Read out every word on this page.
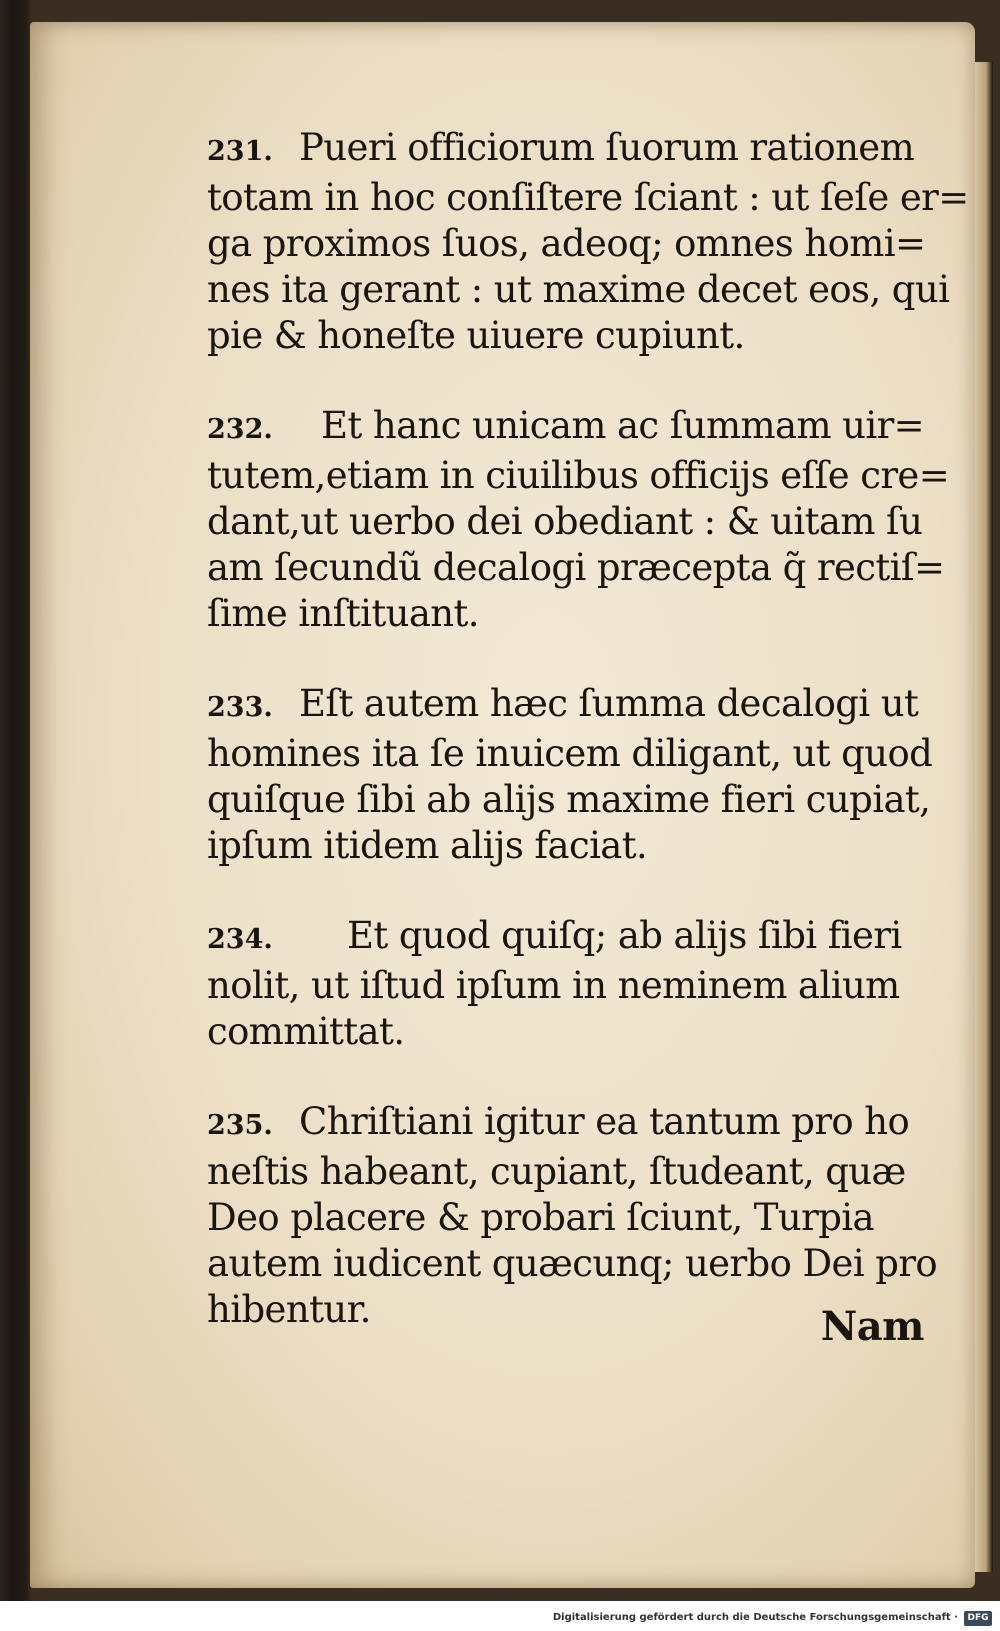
231. Pueri officiorum ſuorum rationem
totam in hoc conſiſtere ſciant : ut ſeſe er=
ga proximos ſuos, adeoq; omnes homi=
nes ita gerant : ut maxime decet eos, qui
pie & honeſte uiuere cupiunt.
232. Et hanc unicam ac ſummam uir=
tutem,etiam in ciuilibus officijs eſſe cre=
dant,ut uerbo dei obediant : & uitam ſu
am ſecundũ decalogi præcepta q̃ rectiſ=
ſime inſtituant.
233. Eſt autem hæc ſumma decalogi ut
homines ita ſe inuicem diligant, ut quod
quiſque ſibi ab alijs maxime fieri cupiat,
ipſum itidem alijs faciat.
234. Et quod quiſq; ab alijs ſibi fieri
nolit, ut iſtud ipſum in neminem alium
committat.
235. Chriſtiani igitur ea tantum pro ho
neſtis habeant, cupiant, ſtudeant, quæ
Deo placere & probari ſciunt, Turpia
autem iudicent quæcunq; uerbo Dei pro
hibentur.	Nam
Digitalisierung gefördert durch die Deutsche Forschungsgemeinschaft ·	DFG
